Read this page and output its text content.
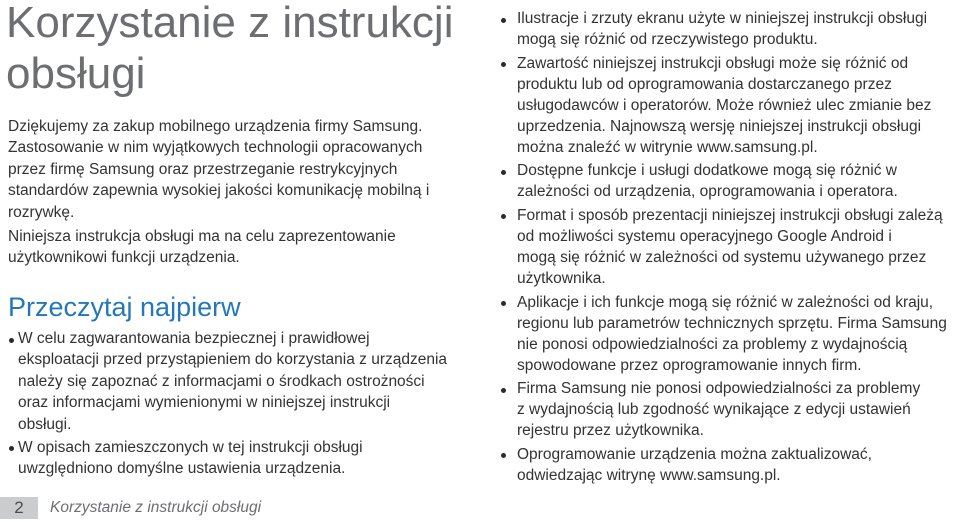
Korzystanie z instrukcji obsługi

Dziękujemy za zakup mobilnego urządzenia firmy Samsung.
Zastosowanie w nim wyjątkowych technologii opracowanych
przez firmę Samsung oraz przestrzeganie restrykcyjnych
standardów zapewnia wysokiej jakości komunikację mobilną i
rozrywkę.

Niniejsza instrukcja obsługi ma na celu zaprezentowanie
użytkownikowi funkcji urządzenia.

Przeczytaj najpierw
W celu zagwarantowania bezpiecznej i prawidłowej
eksploatacji przed przystąpieniem do korzystania z urządzenia
należy się zapoznać z informacjami o środkach ostrożności
oraz informacjami wymienionymi w niniejszej instrukcji
obsługi.
W opisach zamieszczonych w tej instrukcji obsługi
uwzględniono domyślne ustawienia urządzenia.
Ilustracje i zrzuty ekranu użyte w niniejszej instrukcji obsługi
mogą się różnić od rzeczywistego produktu.
Zawartość niniejszej instrukcji obsługi może się różnić od
produktu lub od oprogramowania dostarczanego przez
usługodawców i operatorów. Może również ulec zmianie bez
uprzedzenia. Najnowszą wersję niniejszej instrukcji obsługi
można znaleźć w witrynie www.samsung.pl.
Dostępne funkcje i usługi dodatkowe mogą się różnić w
zależności od urządzenia, oprogramowania i operatora.
Format i sposób prezentacji niniejszej instrukcji obsługi zależą
od możliwości systemu operacyjnego Google Android i
mogą się różnić w zależności od systemu używanego przez
użytkownika.
Aplikacje i ich funkcje mogą się różnić w zależności od kraju,
regionu lub parametrów technicznych sprzętu. Firma Samsung
nie ponosi odpowiedzialności za problemy z wydajnością
spowodowane przez oprogramowanie innych firm.
Firma Samsung nie ponosi odpowiedzialności za problemy
z wydajnością lub zgodność wynikające z edycji ustawień
rejestru przez użytkownika.
Oprogramowanie urządzenia można zaktualizować,
odwiedzając witrynę www.samsung.pl.
2	Korzystanie z instrukcji obsługi
